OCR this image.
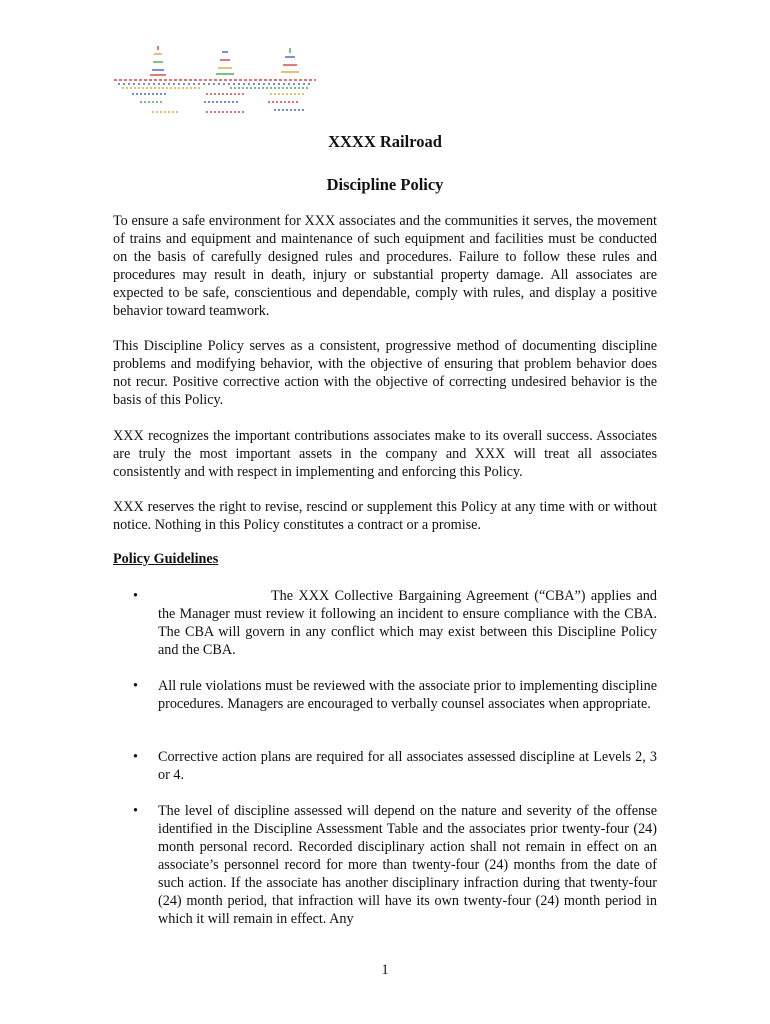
XXXX Railroad
Discipline Policy

To ensure a safe environment for XXX associates and the communities it serves, the movement of trains and equipment and maintenance of such equipment and facilities must be conducted on the basis of carefully designed rules and procedures. Failure to follow these rules and procedures may result in death, injury or substantial property damage. All associates are expected to be safe, conscientious and dependable, comply with rules, and display a positive behavior toward teamwork.

This Discipline Policy serves as a consistent, progressive method of documenting discipline problems and modifying behavior, with the objective of ensuring that problem behavior does not recur. Positive corrective action with the objective of correcting undesired behavior is the basis of this Policy.

XXX recognizes the important contributions associates make to its overall success. Associates are truly the most important assets in the company and XXX will treat all associates consistently and with respect in implementing and enforcing this Policy.

XXX reserves the right to revise, rescind or supplement this Policy at any time with or without notice. Nothing in this Policy constitutes a contract or a promise.

Policy Guidelines
•	The XXX Collective Bargaining Agreement (“CBA”) applies and the Manager must review it following an incident to ensure compliance with the CBA. The CBA will govern in any conflict which may exist between this Discipline Policy and the CBA.
• All rule violations must be reviewed with the associate prior to implementing discipline procedures. Managers are encouraged to verbally counsel associates when appropriate.
• Corrective action plans are required for all associates assessed discipline at Levels 2, 3 or 4.
• The level of discipline assessed will depend on the nature and severity of the offense identified in the Discipline Assessment Table and the associates prior twenty-four (24) month personal record. Recorded disciplinary action shall not remain in effect on an associate’s personnel record for more than twenty-four (24) months from the date of such action. If the associate has another disciplinary infraction during that twenty-four (24) month period, that infraction will have its own twenty-four (24) month period in which it will remain in effect. Any
1
